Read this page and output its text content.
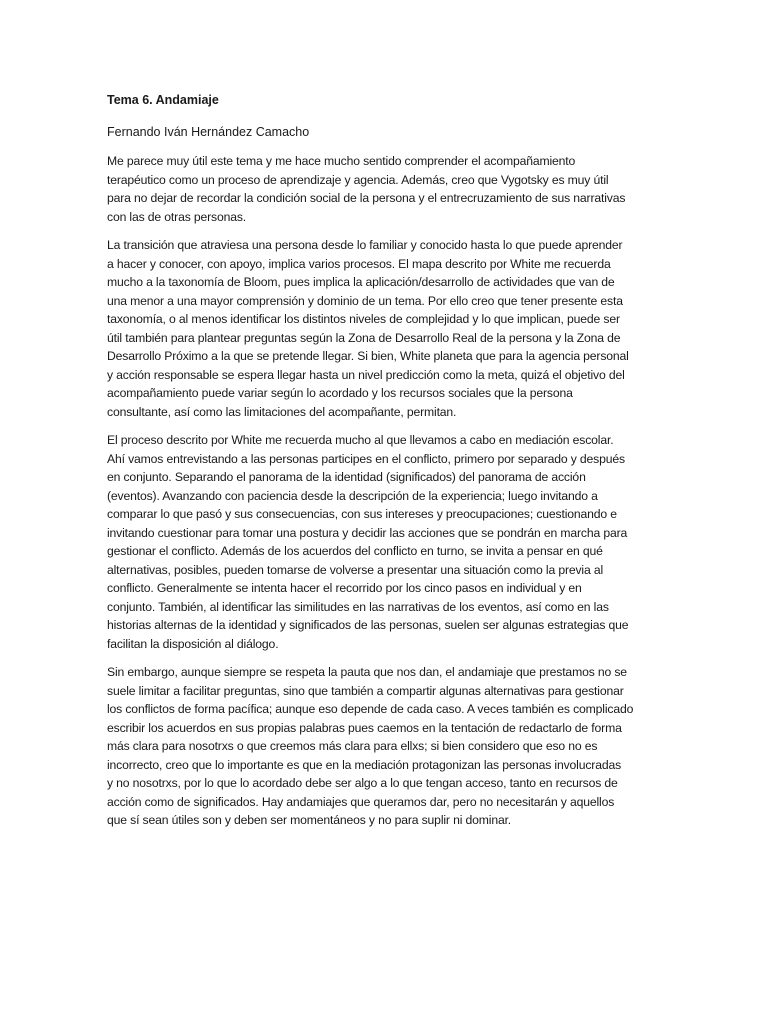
Tema 6. Andamiaje
Fernando Iván Hernández Camacho
Me parece muy útil este tema y me hace mucho sentido comprender el acompañamiento
terapéutico como un proceso de aprendizaje y agencia. Además, creo que Vygotsky es muy útil
para no dejar de recordar la condición social de la persona y el entrecruzamiento de sus narrativas
con las de otras personas.
La transición que atraviesa una persona desde lo familiar y conocido hasta lo que puede aprender
a hacer y conocer, con apoyo, implica varios procesos. El mapa descrito por White me recuerda
mucho a la taxonomía de Bloom, pues implica la aplicación/desarrollo de actividades que van de
una menor a una mayor comprensión y dominio de un tema. Por ello creo que tener presente esta
taxonomía, o al menos identificar los distintos niveles de complejidad y lo que implican, puede ser
útil también para plantear preguntas según la Zona de Desarrollo Real de la persona y la Zona de
Desarrollo Próximo a la que se pretende llegar. Si bien, White planeta que para la agencia personal
y acción responsable se espera llegar hasta un nivel predicción como la meta, quizá el objetivo del
acompañamiento puede variar según lo acordado y los recursos sociales que la persona
consultante, así como las limitaciones del acompañante, permitan.
El proceso descrito por White me recuerda mucho al que llevamos a cabo en mediación escolar.
Ahí vamos entrevistando a las personas participes en el conflicto, primero por separado y después
en conjunto. Separando el panorama de la identidad (significados) del panorama de acción
(eventos). Avanzando con paciencia desde la descripción de la experiencia; luego invitando a
comparar lo que pasó y sus consecuencias, con sus intereses y preocupaciones; cuestionando e
invitando cuestionar para tomar una postura y decidir las acciones que se pondrán en marcha para
gestionar el conflicto. Además de los acuerdos del conflicto en turno, se invita a pensar en qué
alternativas, posibles, pueden tomarse de volverse a presentar una situación como la previa al
conflicto. Generalmente se intenta hacer el recorrido por los cinco pasos en individual y en
conjunto. También, al identificar las similitudes en las narrativas de los eventos, así como en las
historias alternas de la identidad y significados de las personas, suelen ser algunas estrategias que
facilitan la disposición al diálogo.
Sin embargo, aunque siempre se respeta la pauta que nos dan, el andamiaje que prestamos no se
suele limitar a facilitar preguntas, sino que también a compartir algunas alternativas para gestionar
los conflictos de forma pacífica; aunque eso depende de cada caso. A veces también es complicado
escribir los acuerdos en sus propias palabras pues caemos en la tentación de redactarlo de forma
más clara para nosotrxs o que creemos más clara para ellxs; si bien considero que eso no es
incorrecto, creo que lo importante es que en la mediación protagonizan las personas involucradas
y no nosotrxs, por lo que lo acordado debe ser algo a lo que tengan acceso, tanto en recursos de
acción como de significados. Hay andamiajes que queramos dar, pero no necesitarán y aquellos
que sí sean útiles son y deben ser momentáneos y no para suplir ni dominar.
